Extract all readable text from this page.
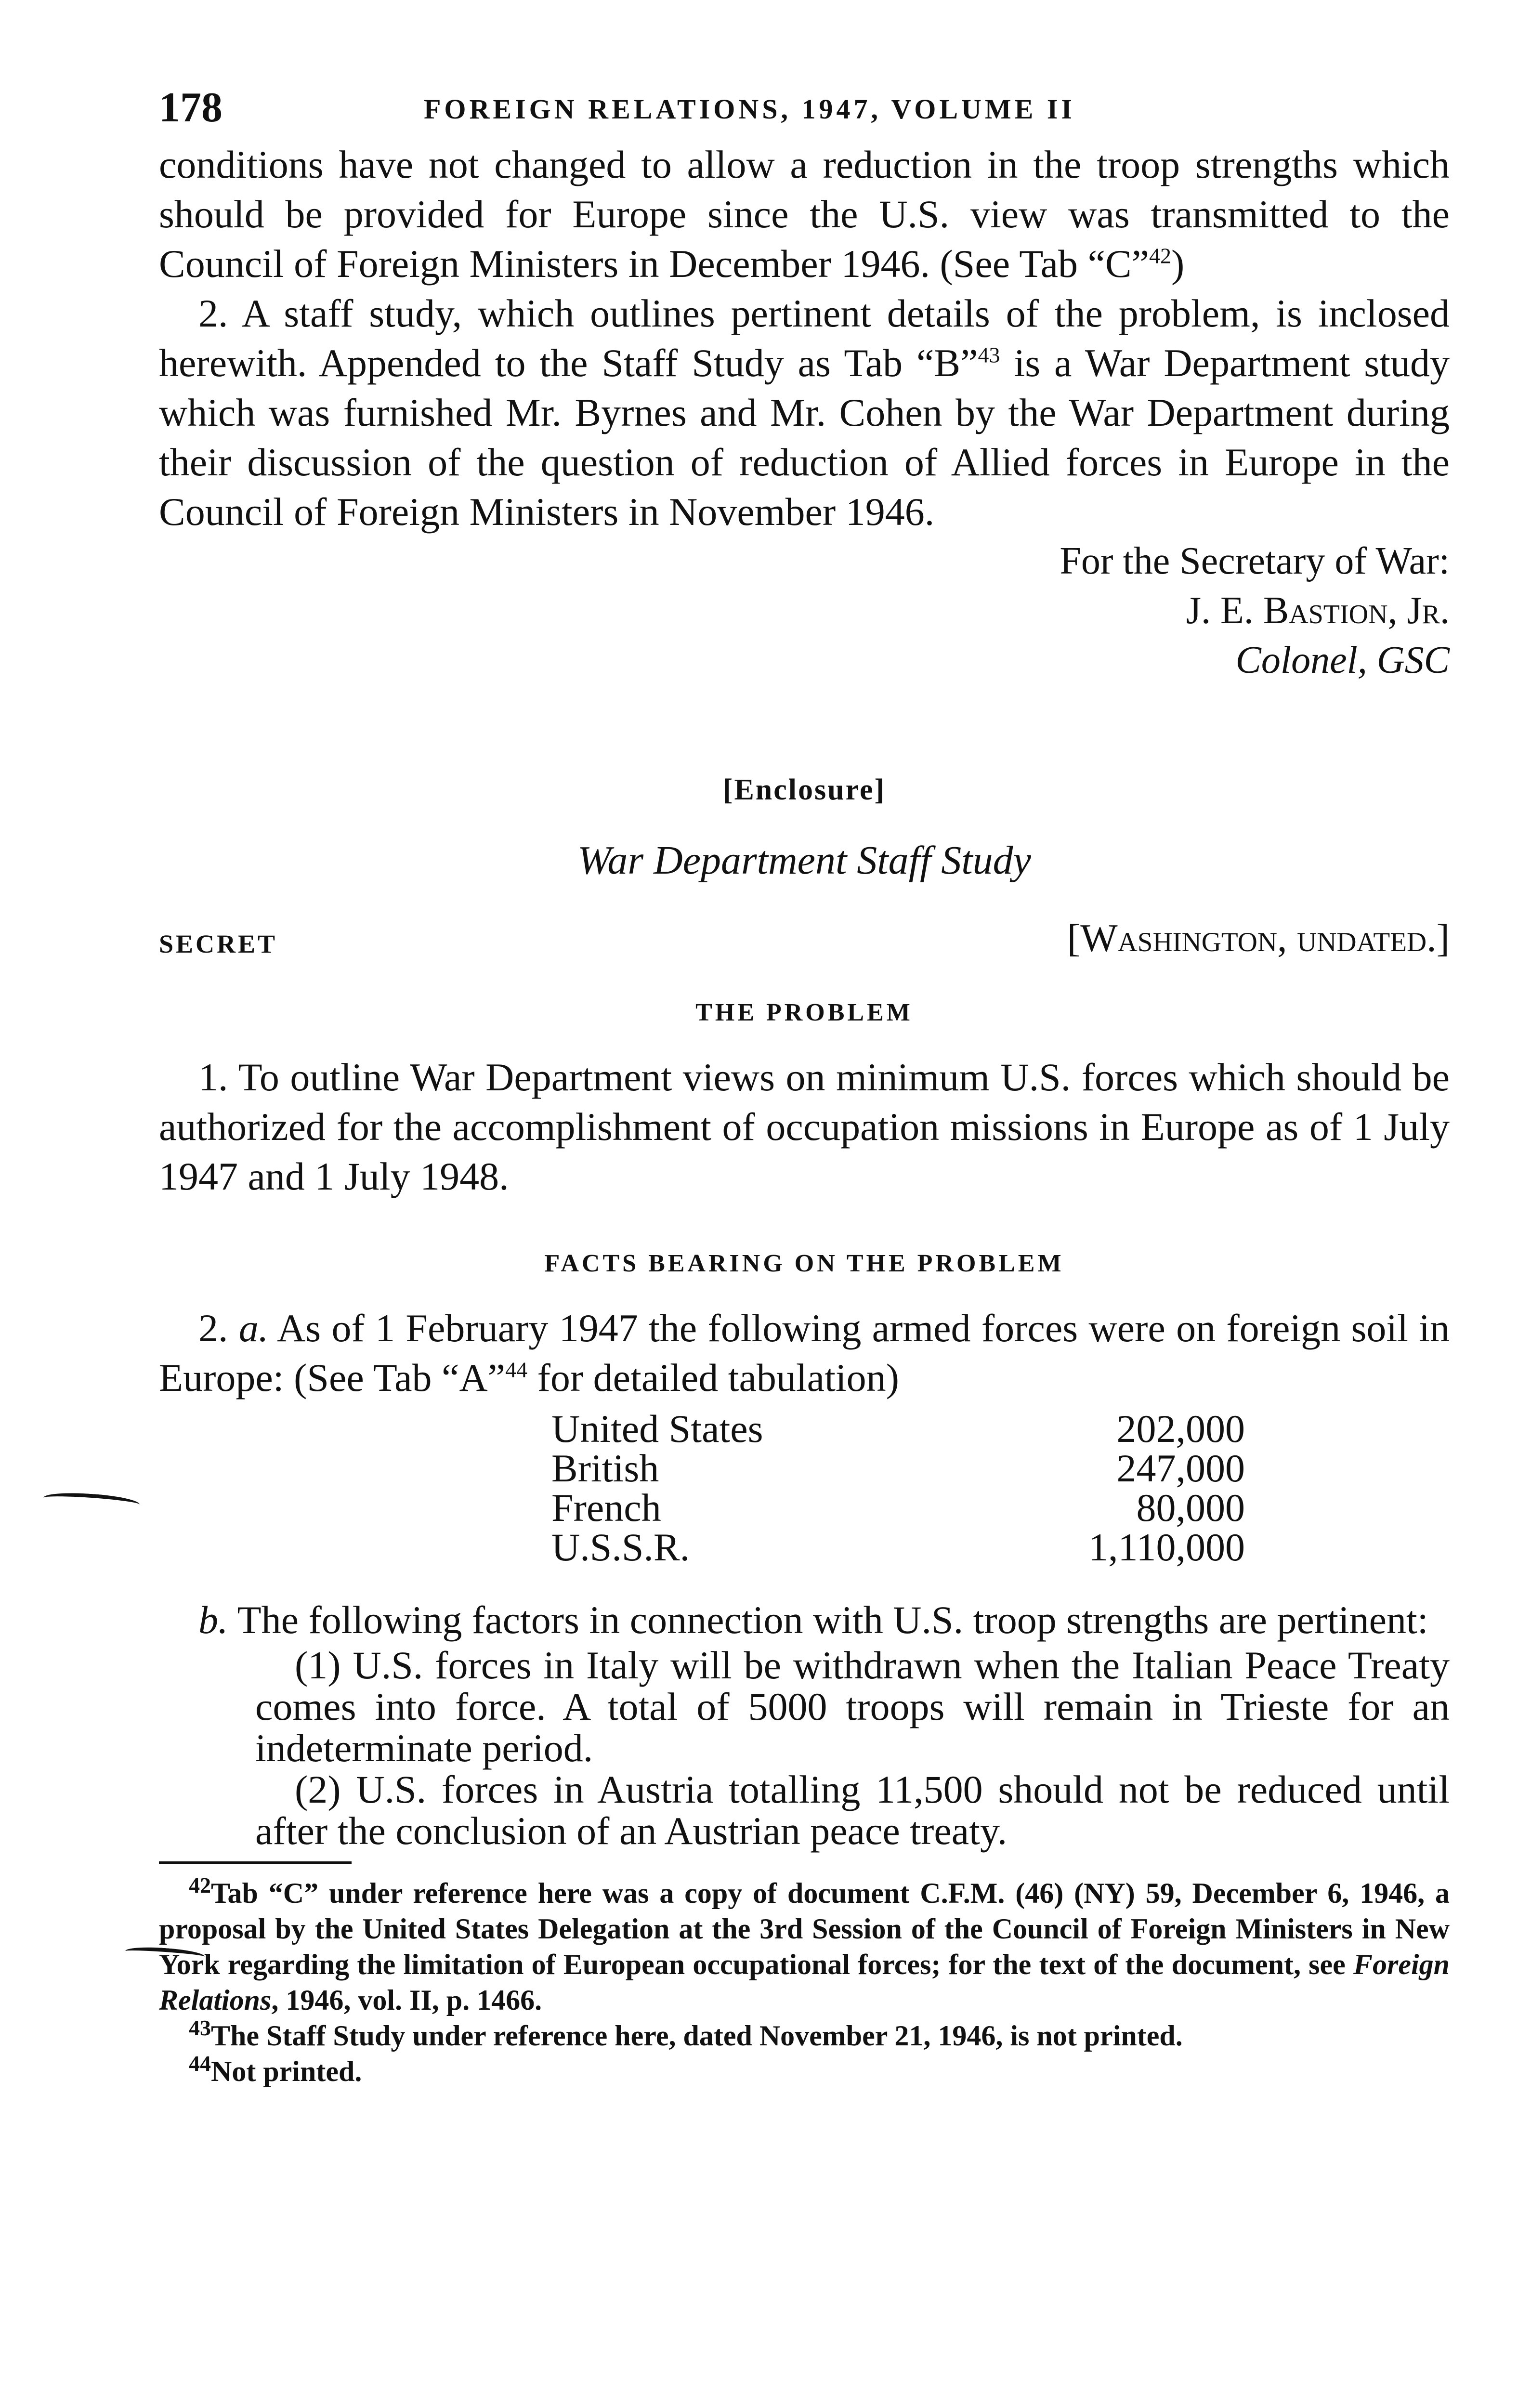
178	FOREIGN RELATIONS, 1947, VOLUME II

conditions have not changed to allow a reduction in the troop strengths which should be provided for Europe since the U.S. view was transmitted to the Council of Foreign Ministers in December 1946. (See Tab “C”$^{42}$)

2. A staff study, which outlines pertinent details of the problem, is inclosed herewith. Appended to the Staff Study as Tab “B”$^{43}$ is a War Department study which was furnished Mr. Byrnes and Mr. Cohen by the War Department during their discussion of the question of reduction of Allied forces in Europe in the Council of Foreign Ministers in November 1946.

For the Secretary of War:
J. E. Bastion, Jr.
Colonel, GSC
[Enclosure]
War Department Staff Study
SECRET	[Washington, undated.]
THE PROBLEM

1. To outline War Department views on minimum U.S. forces which should be authorized for the accomplishment of occupation missions in Europe as of 1 July 1947 and 1 July 1948.

FACTS BEARING ON THE PROBLEM

2. a. As of 1 February 1947 the following armed forces were on foreign soil in Europe: (See Tab “A”$^{44}$ for detailed tabulation)

United States	202,000
British	247,000
French	80,000
U.S.S.R.	1,110,000

b. The following factors in connection with U.S. troop strengths are pertinent:

(1) U.S. forces in Italy will be withdrawn when the Italian Peace Treaty comes into force. A total of 5000 troops will remain in Trieste for an indeterminate period.

(2) U.S. forces in Austria totalling 11,500 should not be reduced until after the conclusion of an Austrian peace treaty.

$^{42}$Tab “C” under reference here was a copy of document C.F.M. (46) (NY) 59, December 6, 1946, a proposal by the United States Delegation at the 3rd Session of the Council of Foreign Ministers in New York regarding the limitation of European occupational forces; for the text of the document, see Foreign Relations, 1946, vol. II, p. 1466.

$^{43}$The Staff Study under reference here, dated November 21, 1946, is not printed.

$^{44}$Not printed.
